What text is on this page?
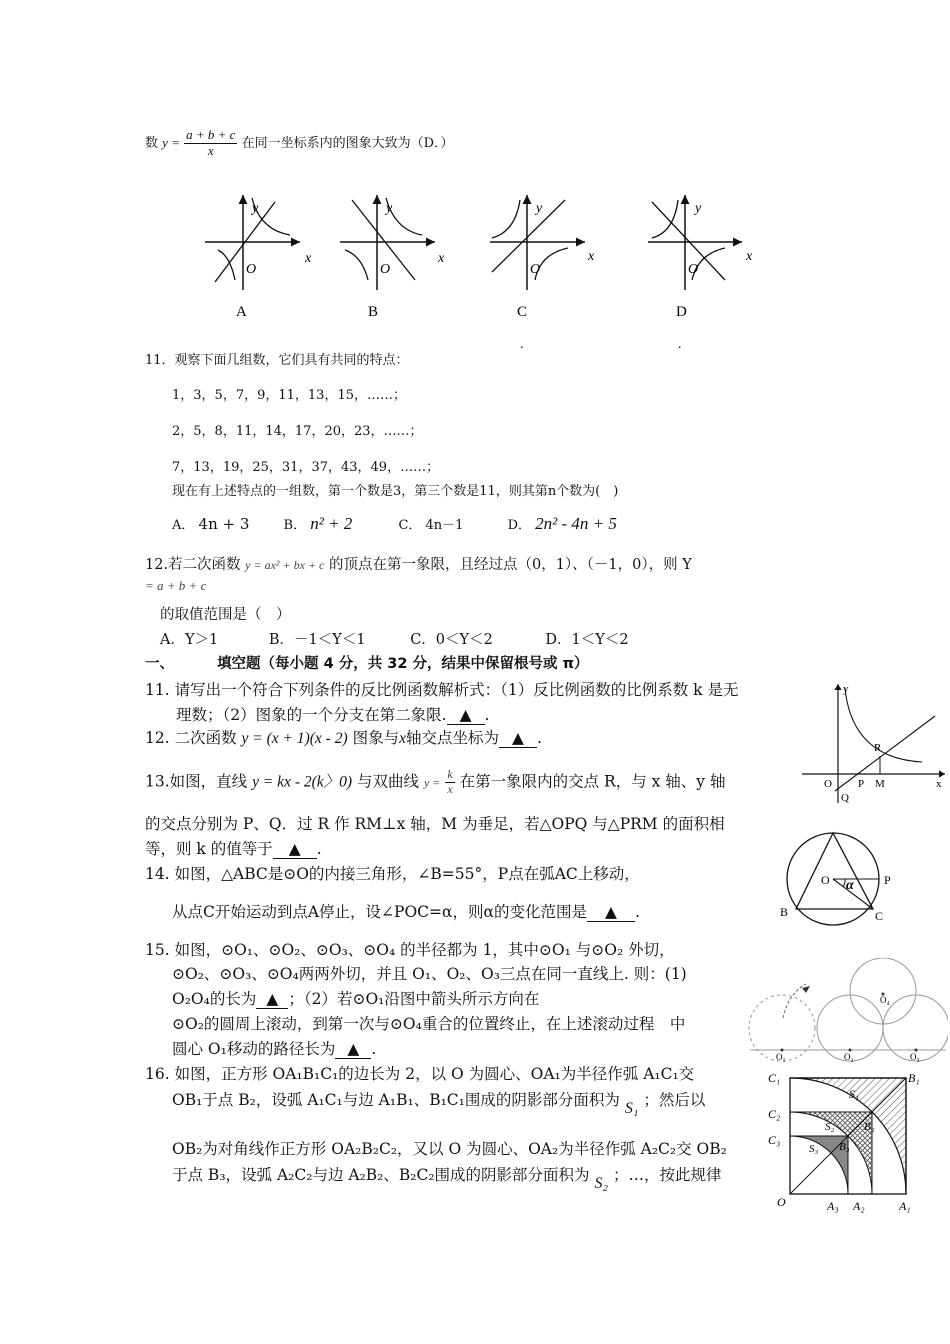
数 $y = \frac{a + b + c}{x}$ 在同一坐标系内的图象大致为（D．）
y
x
O
A
y
x
O
B
y
x
O
C
.
y
x
O
D
.
11．观察下面几组数，它们具有共同的特点：
1，3，5，7，9，11，13，15，……；
2，5，8，11，14，17，20，23，……；
7，13，19，25，31，37，43，49，……；
现在有上述特点的一组数，第一个数是3，第三个数是11，则其第n个数为(　)
A． 4n + 3	B． n² + 2	C． 4n－1	D． 2n² - 4n + 5
12.若二次函数 y = ax² + bx + c 的顶点在第一象限，且经过点（0，1）、（－1，0），则 Y
= a + b + c
的取值范围是（　）
A．Y＞1	B．－1＜Y＜1	C．0＜Y＜2	D．1＜Y＜2
一、	填空题（每小题 4 分，共 32 分，结果中保留根号或 π）
11. 请写出一个符合下列条件的反比例函数解析式：（1）反比例函数的比例系数 k 是无
理数；（2）图象的一个分支在第二象限. ▲ .
12. 二次函数 y = (x + 1)(x - 2) 图象与x轴交点坐标为 ▲ .
13.如图，直线 y = kx - 2(k〉0) 与双曲线 $y = \frac{k}{x}$ 在第一象限内的交点 R，与 x 轴、y 轴
的交点分别为 P、Q．过 R 作 RM⊥x 轴，M 为垂足，若△OPQ 与△PRM 的面积相
等，则 k 的值等于 ▲ .
14. 如图，△ABC是⊙O的内接三角形，∠B=55°，P点在弧AC上移动，
从点C开始运动到点A停止，设∠POC=α，则α的变化范围是 ▲ .
15. 如图，⊙O₁、⊙O₂、⊙O₃、⊙O₄ 的半径都为 1，其中⊙O₁ 与⊙O₂ 外切，
⊙O₂、⊙O₃、⊙O₄两两外切，并且 O₁、O₂、O₃三点在同一直线上. 则：(1)
O₂O₄的长为 ▲ ；（2）若⊙O₁沿图中箭头所示方向在
⊙O₂的圆周上滚动，到第一次与⊙O₄重合的位置终止，在上述滚动过程　中
圆心 O₁移动的路径长为 ▲ .
16. 如图，正方形 OA₁B₁C₁的边长为 2，以 O 为圆心、OA₁为半径作弧 A₁C₁交
OB₁于点 B₂，设弧 A₁C₁与边 A₁B₁、B₁C₁围成的阴影部分面积为 S₁ ；然后以
OB₂为对角线作正方形 OA₂B₂C₂，又以 O 为圆心、OA₂为半径作弧 A₂C₂交 OB₂
于点 B₃，设弧 A₂C₂与边 A₂B₂、B₂C₂围成的阴影部分面积为 S₂ ；…，按此规律
y
x
O P M
Q
R
O	P
B	C
α
O₁	O₂	O₃
O₄
C₁
C₂
C₃
B₁
B₂
B₃
S₁
S₂
S₃
O	A₃ A₂	A₁
